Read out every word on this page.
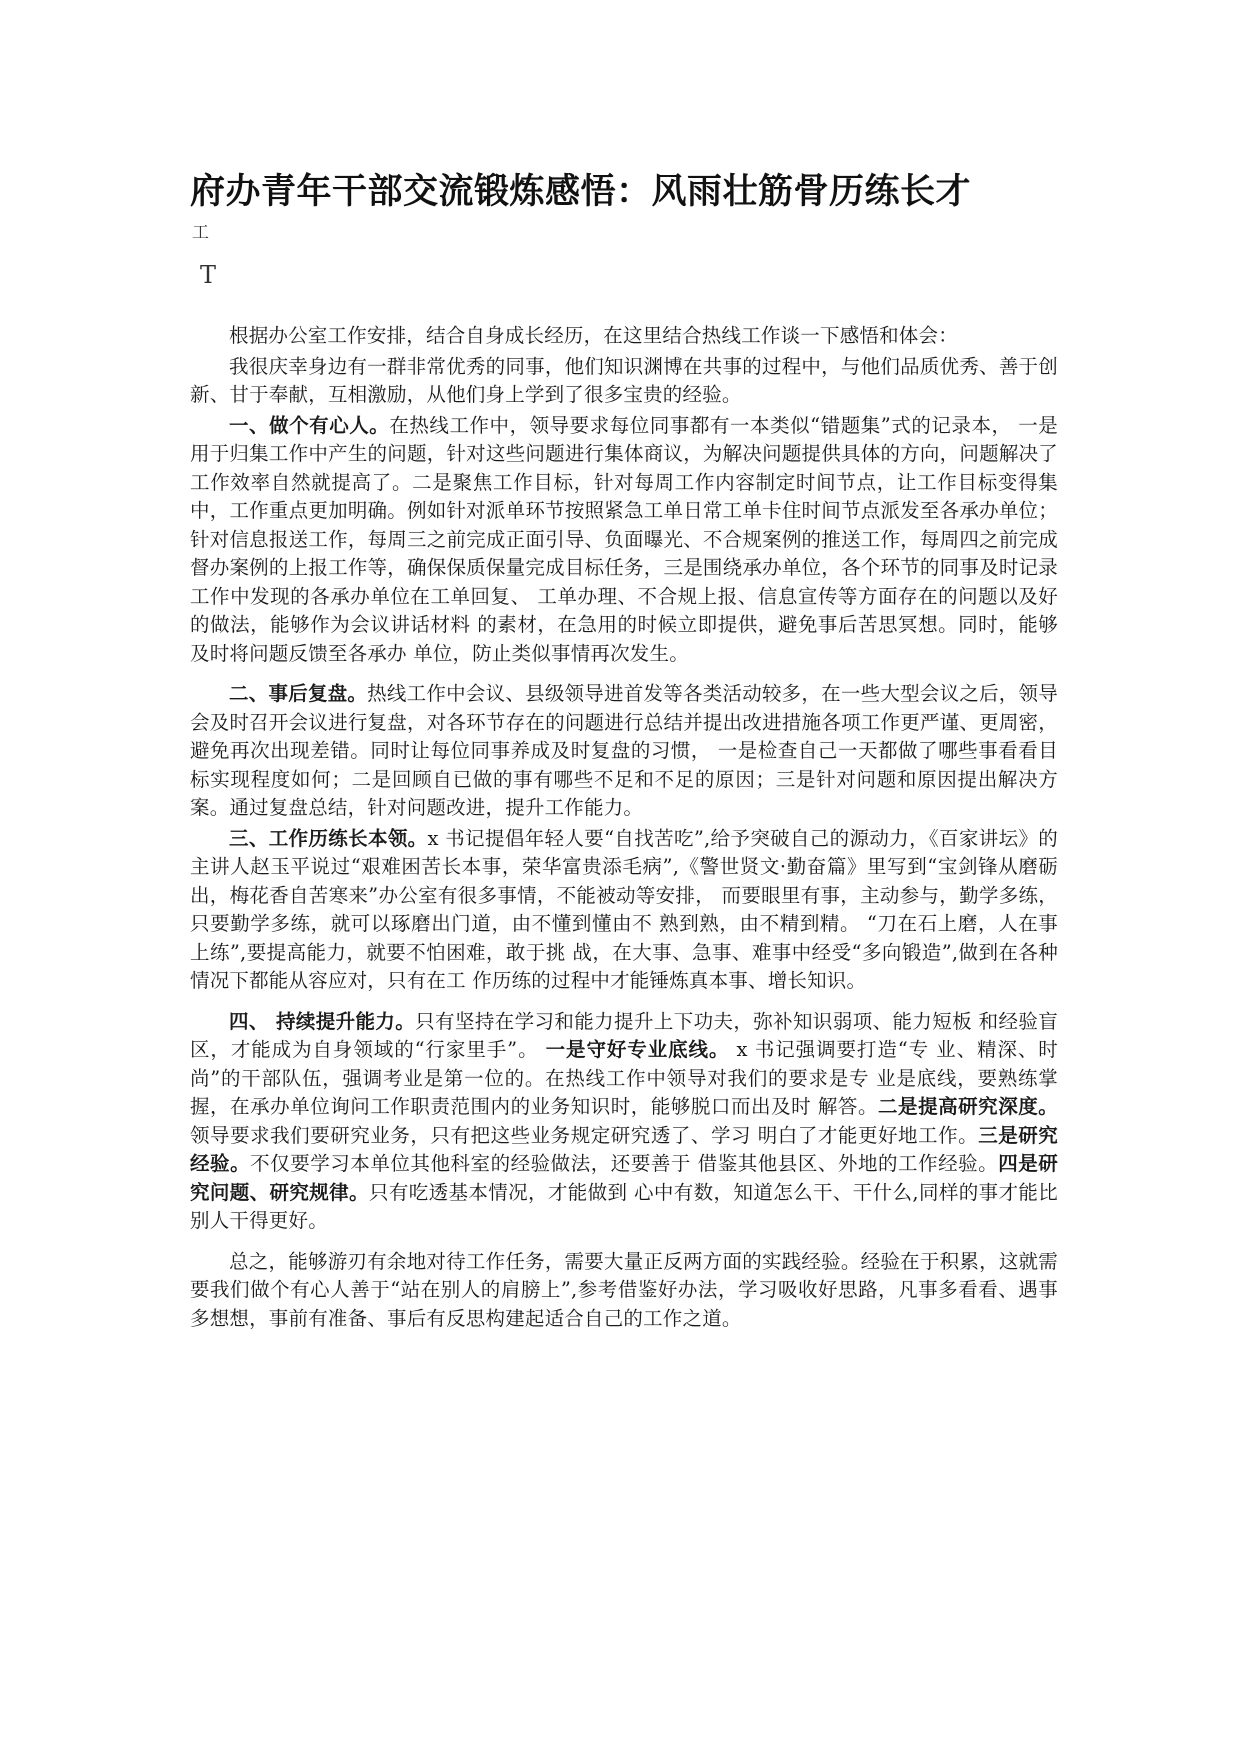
府办青年干部交流锻炼感悟：风雨壮筋骨历练长才
工
T

根据办公室工作安排，结合自身成长经历，在这里结合热线工作谈一下感悟和体会：

我很庆幸身边有一群非常优秀的同事，他们知识渊博在共事的过程中，与他们品质优秀、善于创新、甘于奉献，互相激励，从他们身上学到了很多宝贵的经验。

一、做个有心人。在热线工作中，领导要求每位同事都有一本类似“错题集”式的记录本， 一是用于归集工作中产生的问题，针对这些问题进行集体商议，为解决问题提供具体的方向，问题解决了工作效率自然就提高了。二是聚焦工作目标，针对每周工作内容制定时间节点，让工作目标变得集中，工作重点更加明确。例如针对派单环节按照紧急工单日常工单卡住时间节点派发至各承办单位；针对信息报送工作，每周三之前完成正面引导、负面曝光、不合规案例的推送工作，每周四之前完成督办案例的上报工作等，确保保质保量完成目标任务，三是围绕承办单位，各个环节的同事及时记录工作中发现的各承办单位在工单回复、 工单办理、不合规上报、信息宣传等方面存在的问题以及好的做法，能够作为会议讲话材料 的素材，在急用的时候立即提供，避免事后苦思冥想。同时，能够及时将问题反馈至各承办 单位，防止类似事情再次发生。

二、事后复盘。热线工作中会议、县级领导进首发等各类活动较多，在一些大型会议之后，领导会及时召开会议进行复盘，对各环节存在的问题进行总结并提出改进措施各项工作更严谨、更周密，避免再次出现差错。同时让每位同事养成及时复盘的习惯， 一是检查自己一天都做了哪些事看看目标实现程度如何；二是回顾自已做的事有哪些不足和不足的原因；三是针对问题和原因提出解决方案。通过复盘总结，针对问题改进，提升工作能力。

三、工作历练长本领。x 书记提倡年轻人要“自找苦吃”,给予突破自己的源动力，《百家讲坛》的主讲人赵玉平说过“艰难困苦长本事，荣华富贵添毛病”,《警世贤文·勤奋篇》里写到“宝剑锋从磨砺出，梅花香自苦寒来”办公室有很多事情，不能被动等安排， 而要眼里有事，主动参与，勤学多练，只要勤学多练，就可以琢磨出门道，由不懂到懂由不 熟到熟，由不精到精。 “刀在石上磨，人在事上练”,要提高能力，就要不怕困难，敢于挑 战，在大事、急事、难事中经受“多向锻造”,做到在各种情况下都能从容应对，只有在工 作历练的过程中才能锤炼真本事、增长知识。

四、 持续提升能力。只有坚持在学习和能力提升上下功夫，弥补知识弱项、能力短板 和经验盲区，才能成为自身领域的“行家里手”。 一是守好专业底线。 x 书记强调要打造“专 业、精深、时尚”的干部队伍，强调考业是第一位的。在热线工作中领导对我们的要求是专 业是底线，要熟练掌握，在承办单位询问工作职责范围内的业务知识时，能够脱口而出及时 解答。二是提高研究深度。领导要求我们要研究业务，只有把这些业务规定研究透了、学习 明白了才能更好地工作。三是研究经验。不仅要学习本单位其他科室的经验做法，还要善于 借鉴其他县区、外地的工作经验。四是研究问题、研究规律。只有吃透基本情况，才能做到 心中有数，知道怎么干、干什么,同样的事才能比别人干得更好。

总之，能够游刃有余地对待工作任务，需要大量正反两方面的实践经验。经验在于积累，这就需要我们做个有心人善于“站在别人的肩膀上”,参考借鉴好办法，学习吸收好思路，凡事多看看、遇事多想想，事前有准备、事后有反思构建起适合自己的工作之道。
